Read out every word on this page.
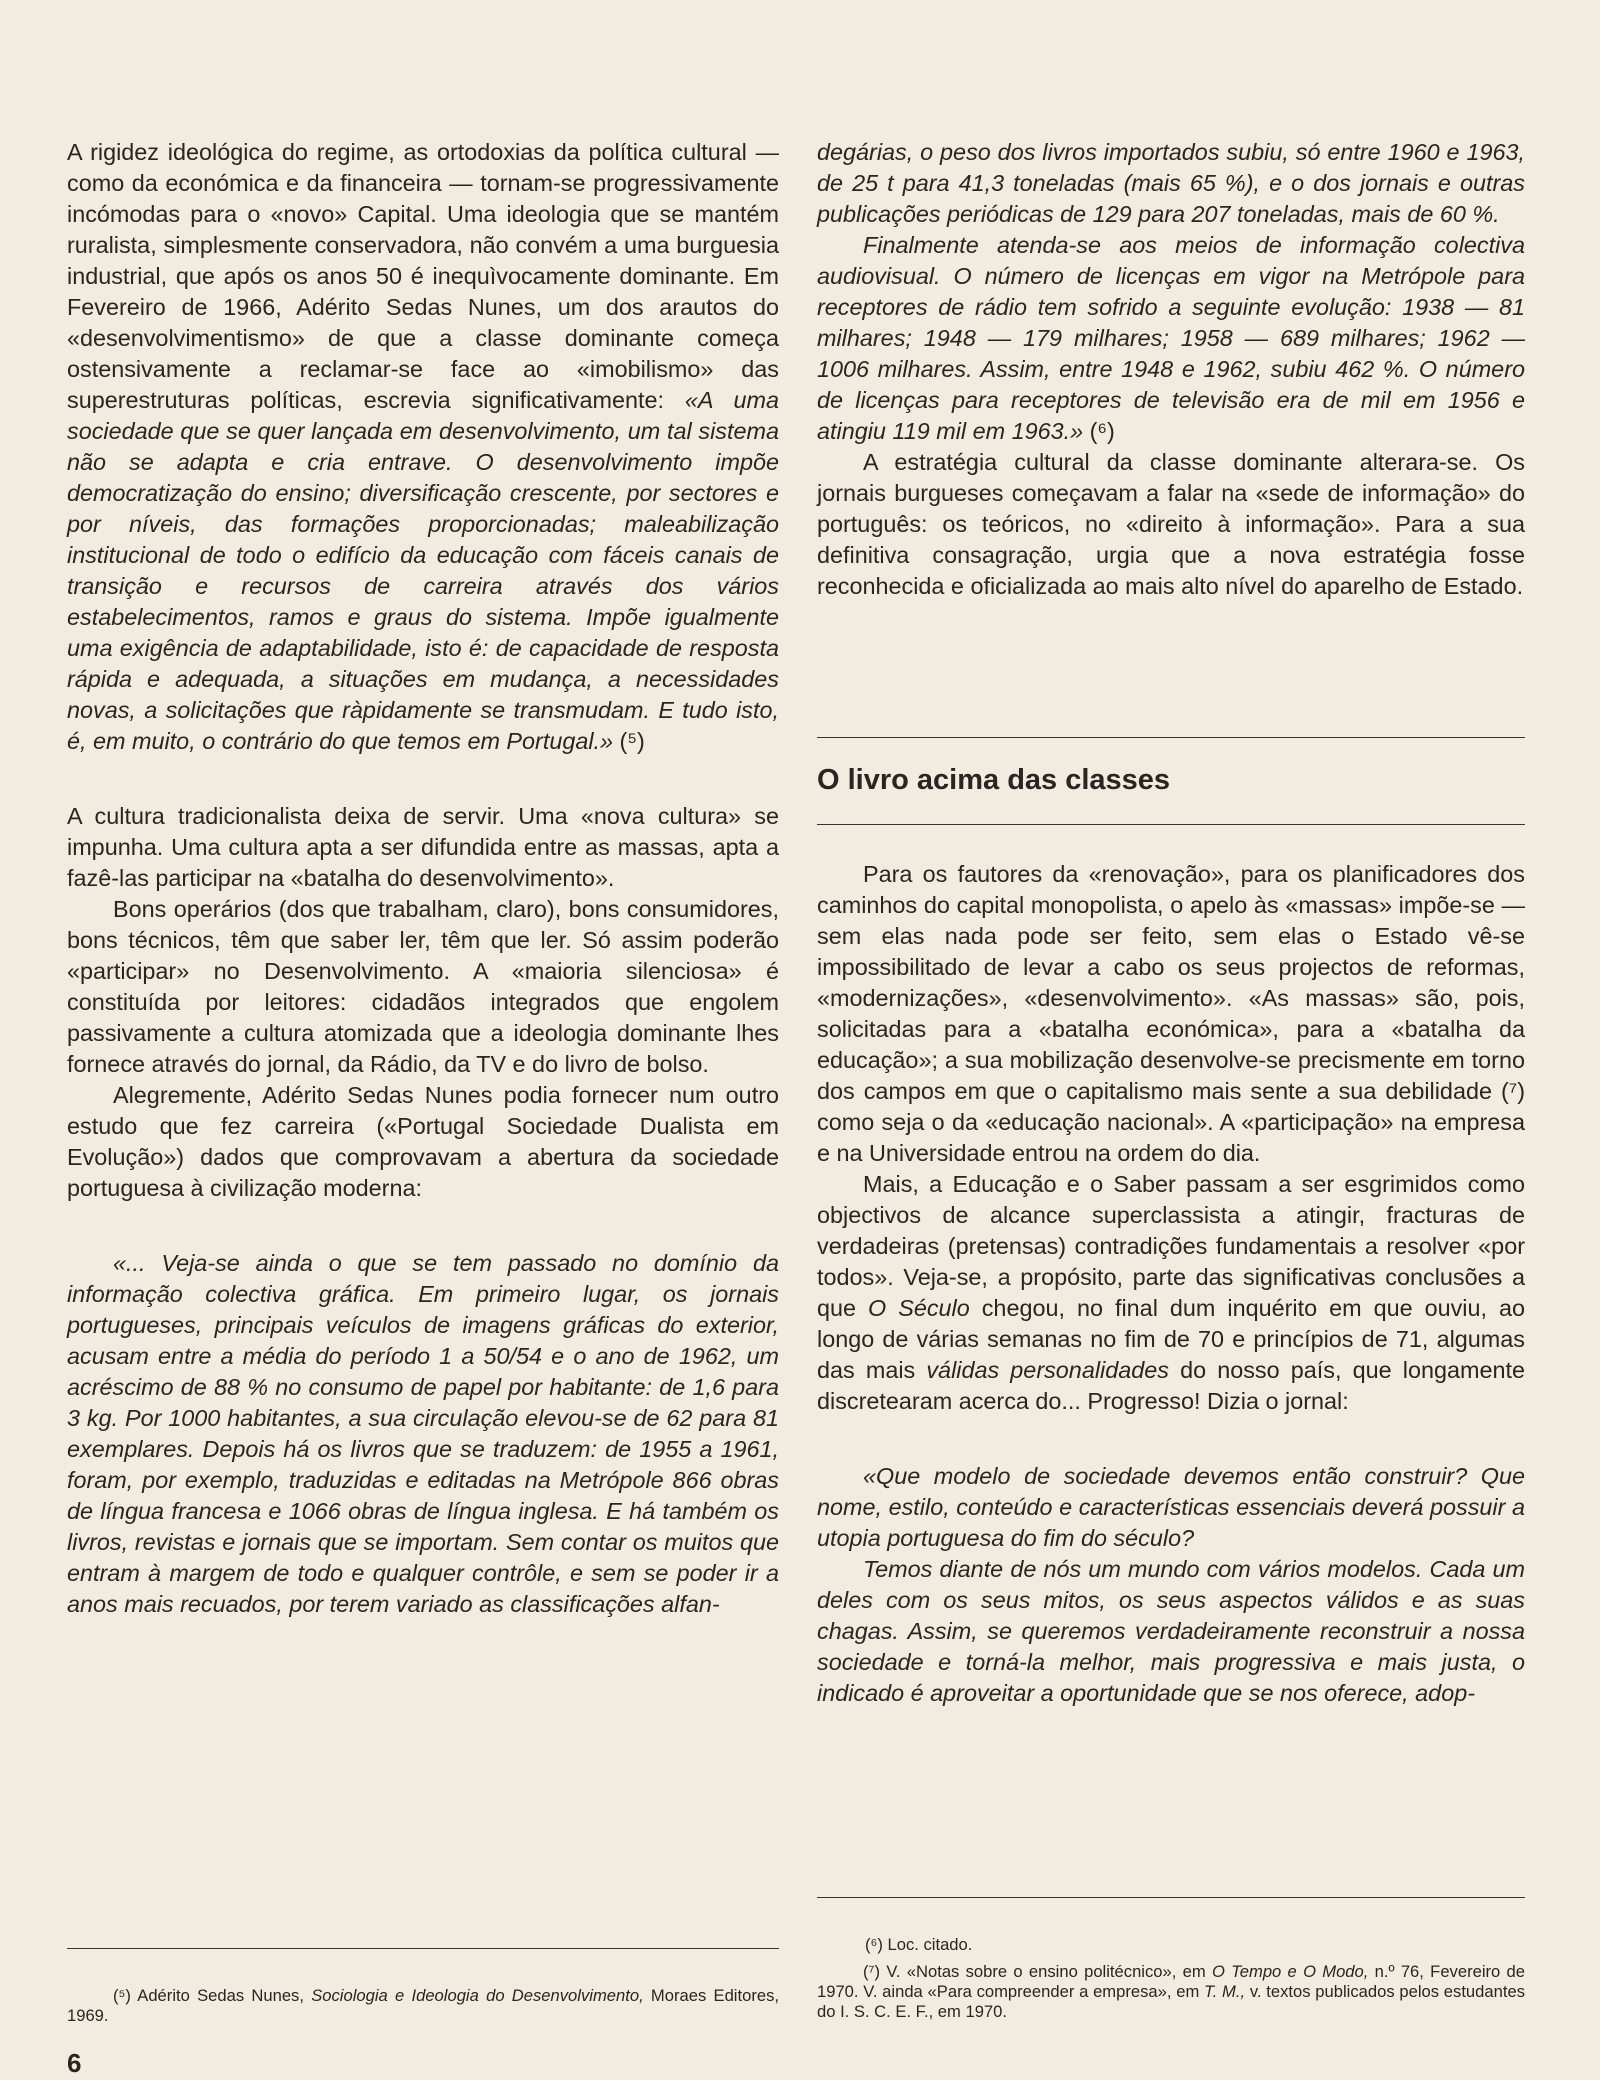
A rigidez ideológica do regime, as ortodoxias da política cultural — como da económica e da financeira — tornam-se progressivamente incómodas para o «novo» Capital. Uma ideologia que se mantém ruralista, simplesmente conservadora, não convém a uma burguesia industrial, que após os anos 50 é inequìvocamente dominante. Em Fevereiro de 1966, Adérito Sedas Nunes, um dos arautos do «desenvolvimentismo» de que a classe dominante começa ostensivamente a reclamar-se face ao «imobilismo» das superestruturas políticas, escrevia significativamente: «A uma sociedade que se quer lançada em desenvolvimento, um tal sistema não se adapta e cria entrave. O desenvolvimento impõe democratização do ensino; diversificação crescente, por sectores e por níveis, das formações proporcionadas; maleabilização institucional de todo o edifício da educação com fáceis canais de transição e recursos de carreira através dos vários estabelecimentos, ramos e graus do sistema. Impõe igualmente uma exigência de adaptabilidade, isto é: de capacidade de resposta rápida e adequada, a situações em mudança, a necessidades novas, a solicitações que ràpidamente se transmudam. E tudo isto, é, em muito, o contrário do que temos em Portugal.» (⁵)

A cultura tradicionalista deixa de servir. Uma «nova cultura» se impunha. Uma cultura apta a ser difundida entre as massas, apta a fazê-las participar na «batalha do desenvolvimento».

Bons operários (dos que trabalham, claro), bons consumidores, bons técnicos, têm que saber ler, têm que ler. Só assim poderão «participar» no Desenvolvimento. A «maioria silenciosa» é constituída por leitores: cidadãos integrados que engolem passivamente a cultura atomizada que a ideologia dominante lhes fornece através do jornal, da Rádio, da TV e do livro de bolso.

Alegremente, Adérito Sedas Nunes podia fornecer num outro estudo que fez carreira («Portugal Sociedade Dualista em Evolução») dados que comprovavam a abertura da sociedade portuguesa à civilização moderna:

«... Veja-se ainda o que se tem passado no domínio da informação colectiva gráfica. Em primeiro lugar, os jornais portugueses, principais veículos de imagens gráficas do exterior, acusam entre a média do período 1 a 50/54 e o ano de 1962, um acréscimo de 88 % no consumo de papel por habitante: de 1,6 para 3 kg. Por 1000 habitantes, a sua circulação elevou-se de 62 para 81 exemplares. Depois há os livros que se traduzem: de 1955 a 1961, foram, por exemplo, traduzidas e editadas na Metrópole 866 obras de língua francesa e 1066 obras de língua inglesa. E há também os livros, revistas e jornais que se importam. Sem contar os muitos que entram à margem de todo e qualquer contrôle, e sem se poder ir a anos mais recuados, por terem variado as classificações alfan-

degárias, o peso dos livros importados subiu, só entre 1960 e 1963, de 25 t para 41,3 toneladas (mais 65 %), e o dos jornais e outras publicações periódicas de 129 para 207 toneladas, mais de 60 %.

Finalmente atenda-se aos meios de informação colectiva audiovisual. O número de licenças em vigor na Metrópole para receptores de rádio tem sofrido a seguinte evolução: 1938 — 81 milhares; 1948 — 179 milhares; 1958 — 689 milhares; 1962 — 1006 milhares. Assim, entre 1948 e 1962, subiu 462 %. O número de licenças para receptores de televisão era de mil em 1956 e atingiu 119 mil em 1963.» (⁶)

A estratégia cultural da classe dominante alterara-se. Os jornais burgueses começavam a falar na «sede de informação» do português: os teóricos, no «direito à informação». Para a sua definitiva consagração, urgia que a nova estratégia fosse reconhecida e oficializada ao mais alto nível do aparelho de Estado.

O livro acima das classes

Para os fautores da «renovação», para os planificadores dos caminhos do capital monopolista, o apelo às «massas» impõe-se — sem elas nada pode ser feito, sem elas o Estado vê-se impossibilitado de levar a cabo os seus projectos de reformas, «modernizações», «desenvolvimento». «As massas» são, pois, solicitadas para a «batalha económica», para a «batalha da educação»; a sua mobilização desenvolve-se precismente em torno dos campos em que o capitalismo mais sente a sua debilidade (⁷) como seja o da «educação nacional». A «participação» na empresa e na Universidade entrou na ordem do dia.

Mais, a Educação e o Saber passam a ser esgrimidos como objectivos de alcance superclassista a atingir, fracturas de verdadeiras (pretensas) contradições fundamentais a resolver «por todos». Veja-se, a propósito, parte das significativas conclusões a que O Século chegou, no final dum inquérito em que ouviu, ao longo de várias semanas no fim de 70 e princípios de 71, algumas das mais válidas personalidades do nosso país, que longamente discretearam acerca do... Progresso! Dizia o jornal:

«Que modelo de sociedade devemos então construir? Que nome, estilo, conteúdo e características essenciais deverá possuir a utopia portuguesa do fim do século?

Temos diante de nós um mundo com vários modelos. Cada um deles com os seus mitos, os seus aspectos válidos e as suas chagas. Assim, se queremos verdadeiramente reconstruir a nossa sociedade e torná-la melhor, mais progressiva e mais justa, o indicado é aproveitar a oportunidade que se nos oferece, adop-

(⁵) Adérito Sedas Nunes, Sociologia e Ideologia do Desenvolvimento, Moraes Editores, 1969.

(⁶) Loc. citado.

(⁷) V. «Notas sobre o ensino politécnico», em O Tempo e O Modo, n.º 76, Fevereiro de 1970. V. ainda «Para compreender a empresa», em T. M., v. textos publicados pelos estudantes do I. S. C. E. F., em 1970.

6
